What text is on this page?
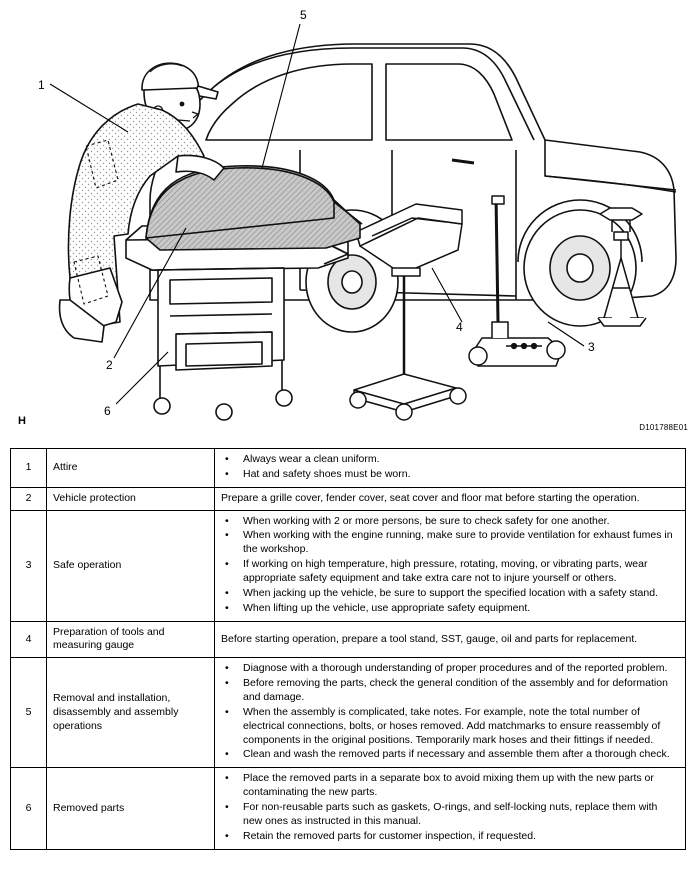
1
2
3
4
5
6
H
D101788E01
1	Attire	
• Always wear a clean uniform.
• Hat and safety shoes must be worn.

2	Vehicle protection	Prepare a grille cover, fender cover, seat cover and floor mat before starting the operation.

3	Safe operation	
• When working with 2 or more persons, be sure to check safety for one another.
• When working with the engine running, make sure to provide ventilation for exhaust fumes in the workshop.
• If working on high temperature, high pressure, rotating, moving, or vibrating parts, wear appropriate safety equipment and take extra care not to injure yourself or others.
• When jacking up the vehicle, be sure to support the specified location with a safety stand.
• When lifting up the vehicle, use appropriate safety equipment.

4	Preparation of tools and measuring gauge	Before starting operation, prepare a tool stand, SST, gauge, oil and parts for replacement.

5	Removal and installation, disassembly and assembly operations	
• Diagnose with a thorough understanding of proper procedures and of the reported problem.
• Before removing the parts, check the general condition of the assembly and for deformation and damage.
• When the assembly is complicated, take notes. For example, note the total number of electrical connections, bolts, or hoses removed. Add matchmarks to ensure reassembly of components in the original positions. Temporarily mark hoses and their fittings if needed.
• Clean and wash the removed parts if necessary and assemble them after a thorough check.

6	Removed parts	
• Place the removed parts in a separate box to avoid mixing them up with the new parts or contaminating the new parts.
• For non-reusable parts such as gaskets, O-rings, and self-locking nuts, replace them with new ones as instructed in this manual.
• Retain the removed parts for customer inspection, if requested.
